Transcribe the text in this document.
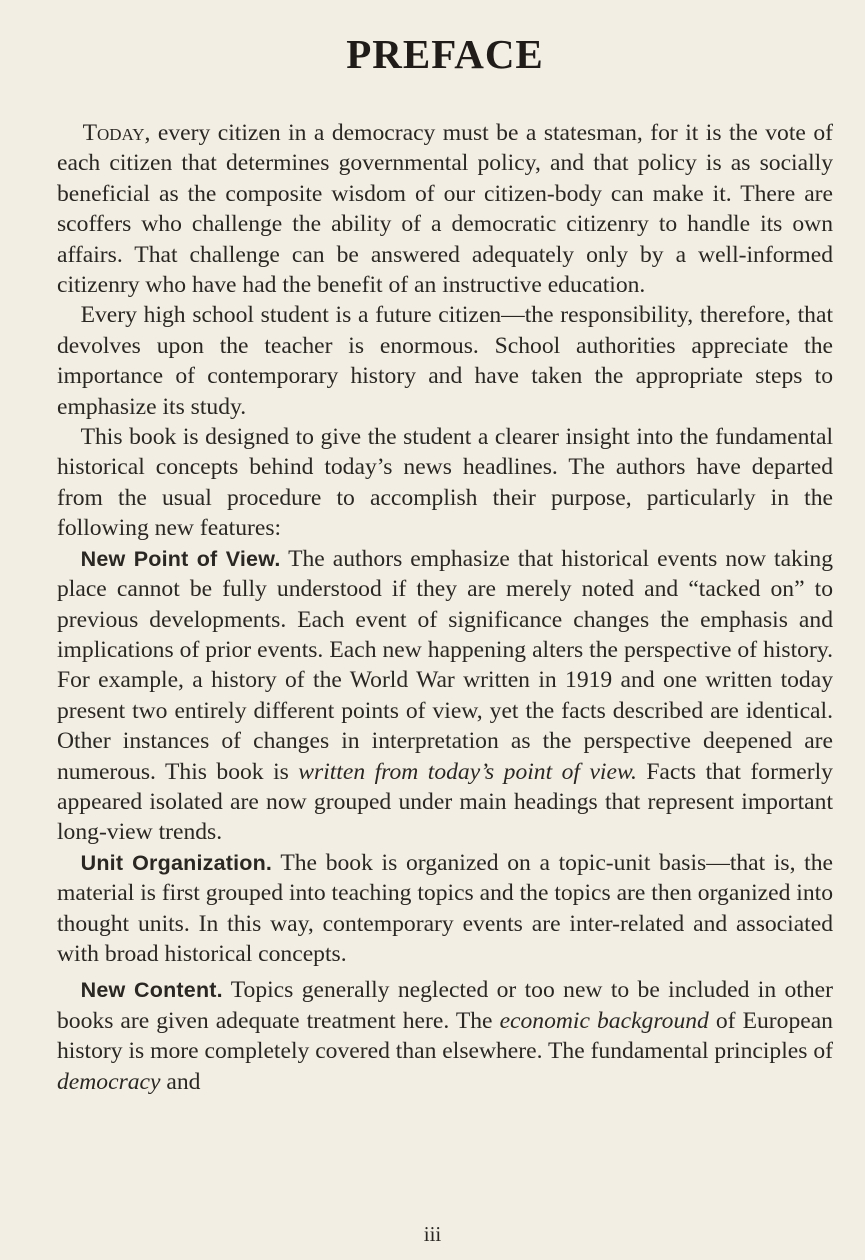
PREFACE

 Today, every citizen in a democracy must be a statesman, for it is the vote of each citizen that determines governmental policy, and that policy is as socially beneficial as the composite wisdom of our citizen-body can make it. There are scoffers who challenge the ability of a democratic citizenry to handle its own affairs. That challenge can be answered adequately only by a well-informed citizenry who have had the benefit of an instructive education.

 Every high school student is a future citizen—the responsibility, therefore, that devolves upon the teacher is enormous. School authorities appreciate the importance of contemporary history and have taken the appropriate steps to emphasize its study.

 This book is designed to give the student a clearer insight into the fundamental historical concepts behind today’s news headlines. The authors have departed from the usual procedure to accomplish their purpose, particularly in the following new features:

 New Point of View. The authors emphasize that historical events now taking place cannot be fully understood if they are merely noted and “tacked on” to previous developments. Each event of significance changes the emphasis and implications of prior events. Each new happening alters the perspective of history. For example, a history of the World War written in 1919 and one written today present two entirely different points of view, yet the facts described are identical. Other instances of changes in interpretation as the perspective deepened are numerous. This book is written from today’s point of view. Facts that formerly appeared isolated are now grouped under main headings that represent important long-view trends.

 Unit Organization. The book is organized on a topic-unit basis—that is, the material is first grouped into teaching topics and the topics are then organized into thought units. In this way, contemporary events are inter-related and associated with broad historical concepts.

 New Content. Topics generally neglected or too new to be included in other books are given adequate treatment here. The economic background of European history is more completely covered than elsewhere. The fundamental principles of democracy and

iii
